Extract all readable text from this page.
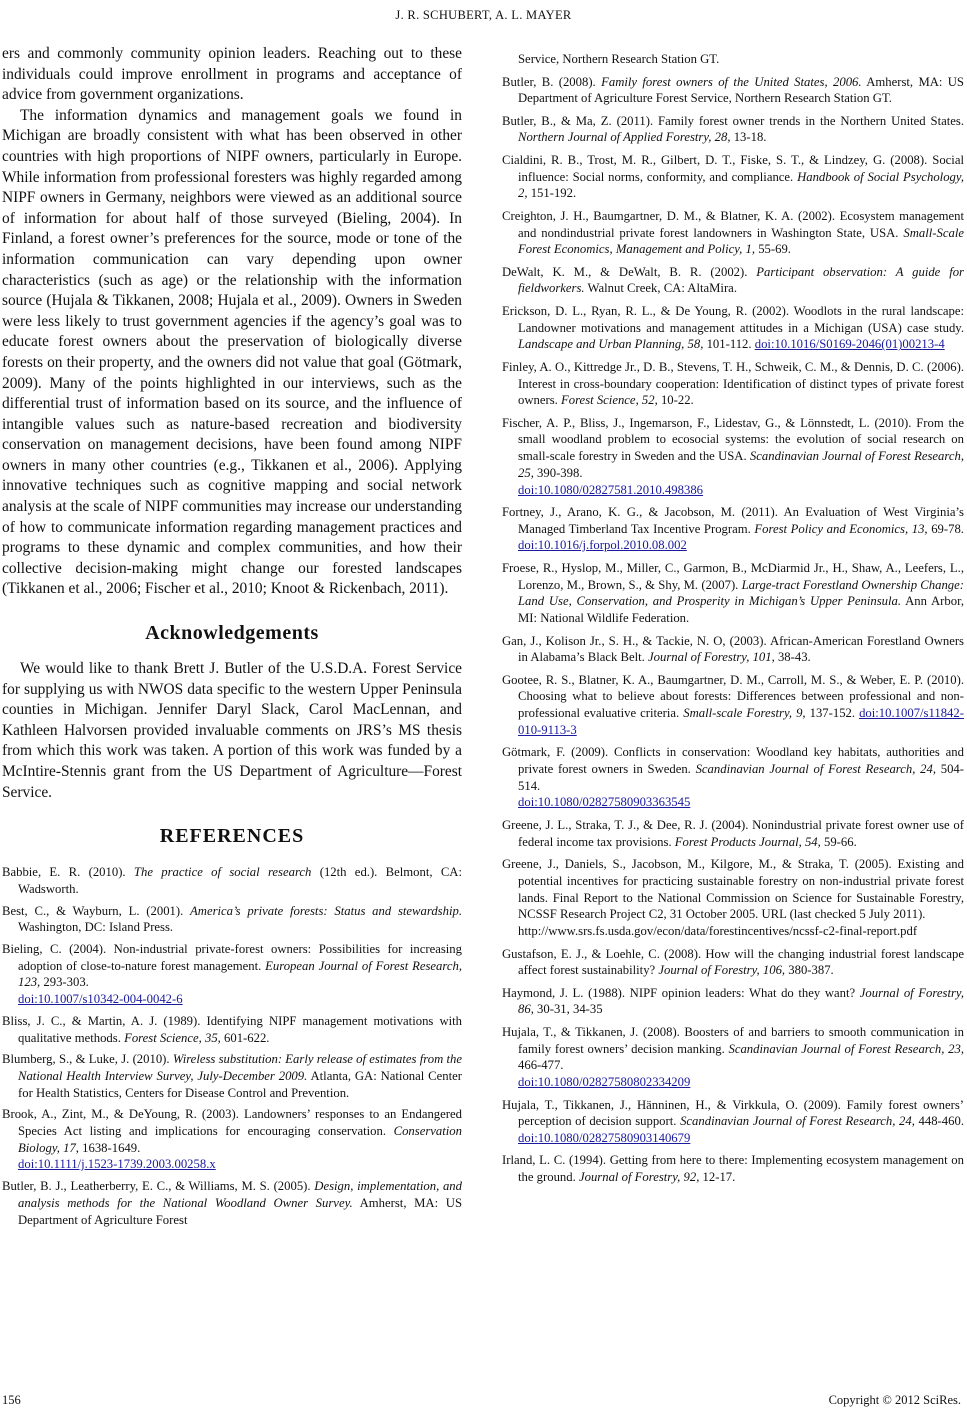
J. R. SCHUBERT, A. L. MAYER

ers and commonly community opinion leaders. Reaching out to these individuals could improve enrollment in programs and acceptance of advice from government organizations.

The information dynamics and management goals we found in Michigan are broadly consistent with what has been observed in other countries with high proportions of NIPF owners, particularly in Europe. While information from professional foresters was highly regarded among NIPF owners in Germany, neighbors were viewed as an additional source of information for about half of those surveyed (Bieling, 2004). In Finland, a forest owner’s preferences for the source, mode or tone of the information communication can vary depending upon owner characteristics (such as age) or the relationship with the information source (Hujala & Tikkanen, 2008; Hujala et al., 2009). Owners in Sweden were less likely to trust government agencies if the agency’s goal was to educate forest owners about the preservation of biologically diverse forests on their property, and the owners did not value that goal (Götmark, 2009). Many of the points highlighted in our interviews, such as the differential trust of information based on its source, and the influence of intangible values such as nature-based recreation and biodiversity conservation on management decisions, have been found among NIPF owners in many other countries (e.g., Tikkanen et al., 2006). Applying innovative techniques such as cognitive mapping and social network analysis at the scale of NIPF communities may increase our understanding of how to communicate information regarding management practices and programs to these dynamic and complex communities, and how their collective decision-making might change our forested landscapes (Tikkanen et al., 2006; Fischer et al., 2010; Knoot & Rickenbach, 2011).

Acknowledgements

We would like to thank Brett J. Butler of the U.S.D.A. Forest Service for supplying us with NWOS data specific to the western Upper Peninsula counties in Michigan. Jennifer Daryl Slack, Carol MacLennan, and Kathleen Halvorsen provided invaluable comments on JRS’s MS thesis from which this work was taken. A portion of this work was funded by a McIntire-Stennis grant from the US Department of Agriculture—Forest Service.

REFERENCES

Babbie, E. R. (2010). The practice of social research (12th ed.). Belmont, CA: Wadsworth.

Best, C., & Wayburn, L. (2001). America’s private forests: Status and stewardship. Washington, DC: Island Press.

Bieling, C. (2004). Non-industrial private-forest owners: Possibilities for increasing adoption of close-to-nature forest management. European Journal of Forest Research, 123, 293-303.
doi:10.1007/s10342-004-0042-6

Bliss, J. C., & Martin, A. J. (1989). Identifying NIPF management motivations with qualitative methods. Forest Science, 35, 601-622.

Blumberg, S., & Luke, J. (2010). Wireless substitution: Early release of estimates from the National Health Interview Survey, July-December 2009. Atlanta, GA: National Center for Health Statistics, Centers for Disease Control and Prevention.

Brook, A., Zint, M., & DeYoung, R. (2003). Landowners’ responses to an Endangered Species Act listing and implications for encouraging conservation. Conservation Biology, 17, 1638-1649.
doi:10.1111/j.1523-1739.2003.00258.x

Butler, B. J., Leatherberry, E. C., & Williams, M. S. (2005). Design, implementation, and analysis methods for the National Woodland Owner Survey. Amherst, MA: US Department of Agriculture Forest

Service, Northern Research Station GT.

Butler, B. (2008). Family forest owners of the United States, 2006. Amherst, MA: US Department of Agriculture Forest Service, Northern Research Station GT.

Butler, B., & Ma, Z. (2011). Family forest owner trends in the Northern United States. Northern Journal of Applied Forestry, 28, 13-18.

Cialdini, R. B., Trost, M. R., Gilbert, D. T., Fiske, S. T., & Lindzey, G. (2008). Social influence: Social norms, conformity, and compliance. Handbook of Social Psychology, 2, 151-192.

Creighton, J. H., Baumgartner, D. M., & Blatner, K. A. (2002). Ecosystem management and nondindustrial private forest landowners in Washington State, USA. Small-Scale Forest Economics, Management and Policy, 1, 55-69.

DeWalt, K. M., & DeWalt, B. R. (2002). Participant observation: A guide for fieldworkers. Walnut Creek, CA: AltaMira.

Erickson, D. L., Ryan, R. L., & De Young, R. (2002). Woodlots in the rural landscape: Landowner motivations and management attitudes in a Michigan (USA) case study. Landscape and Urban Planning, 58, 101-112. doi:10.1016/S0169-2046(01)00213-4

Finley, A. O., Kittredge Jr., D. B., Stevens, T. H., Schweik, C. M., & Dennis, D. C. (2006). Interest in cross-boundary cooperation: Identification of distinct types of private forest owners. Forest Science, 52, 10-22.

Fischer, A. P., Bliss, J., Ingemarson, F., Lidestav, G., & Lönnstedt, L. (2010). From the small woodland problem to ecosocial systems: the evolution of social research on small-scale forestry in Sweden and the USA. Scandinavian Journal of Forest Research, 25, 390-398.
doi:10.1080/02827581.2010.498386

Fortney, J., Arano, K. G., & Jacobson, M. (2011). An Evaluation of West Virginia’s Managed Timberland Tax Incentive Program. Forest Policy and Economics, 13, 69-78. doi:10.1016/j.forpol.2010.08.002

Froese, R., Hyslop, M., Miller, C., Garmon, B., McDiarmid Jr., H., Shaw, A., Leefers, L., Lorenzo, M., Brown, S., & Shy, M. (2007). Large-tract Forestland Ownership Change: Land Use, Conservation, and Prosperity in Michigan’s Upper Peninsula. Ann Arbor, MI: National Wildlife Federation.

Gan, J., Kolison Jr., S. H., & Tackie, N. O, (2003). African-American Forestland Owners in Alabama’s Black Belt. Journal of Forestry, 101, 38-43.

Gootee, R. S., Blatner, K. A., Baumgartner, D. M., Carroll, M. S., & Weber, E. P. (2010). Choosing what to believe about forests: Differences between professional and non-professional evaluative criteria. Small-scale Forestry, 9, 137-152. doi:10.1007/s11842-010-9113-3

Götmark, F. (2009). Conflicts in conservation: Woodland key habitats, authorities and private forest owners in Sweden. Scandinavian Journal of Forest Research, 24, 504-514.
doi:10.1080/02827580903363545

Greene, J. L., Straka, T. J., & Dee, R. J. (2004). Nonindustrial private forest owner use of federal income tax provisions. Forest Products Journal, 54, 59-66.

Greene, J., Daniels, S., Jacobson, M., Kilgore, M., & Straka, T. (2005). Existing and potential incentives for practicing sustainable forestry on non-industrial private forest lands. Final Report to the National Commission on Science for Sustainable Forestry, NCSSF Research Project C2, 31 October 2005. URL (last checked 5 July 2011).
http://www.srs.fs.usda.gov/econ/data/forestincentives/ncssf-c2-final-report.pdf

Gustafson, E. J., & Loehle, C. (2008). How will the changing industrial forest landscape affect forest sustainability? Journal of Forestry, 106, 380-387.

Haymond, J. L. (1988). NIPF opinion leaders: What do they want? Journal of Forestry, 86, 30-31, 34-35

Hujala, T., & Tikkanen, J. (2008). Boosters of and barriers to smooth communication in family forest owners’ decision manking. Scandinavian Journal of Forest Research, 23, 466-477.
doi:10.1080/02827580802334209

Hujala, T., Tikkanen, J., Hänninen, H., & Virkkula, O. (2009). Family forest owners’ perception of decision support. Scandinavian Journal of Forest Research, 24, 448-460. doi:10.1080/02827580903140679

Irland, L. C. (1994). Getting from here to there: Implementing ecosystem management on the ground. Journal of Forestry, 92, 12-17.

156	Copyright © 2012 SciRes.
